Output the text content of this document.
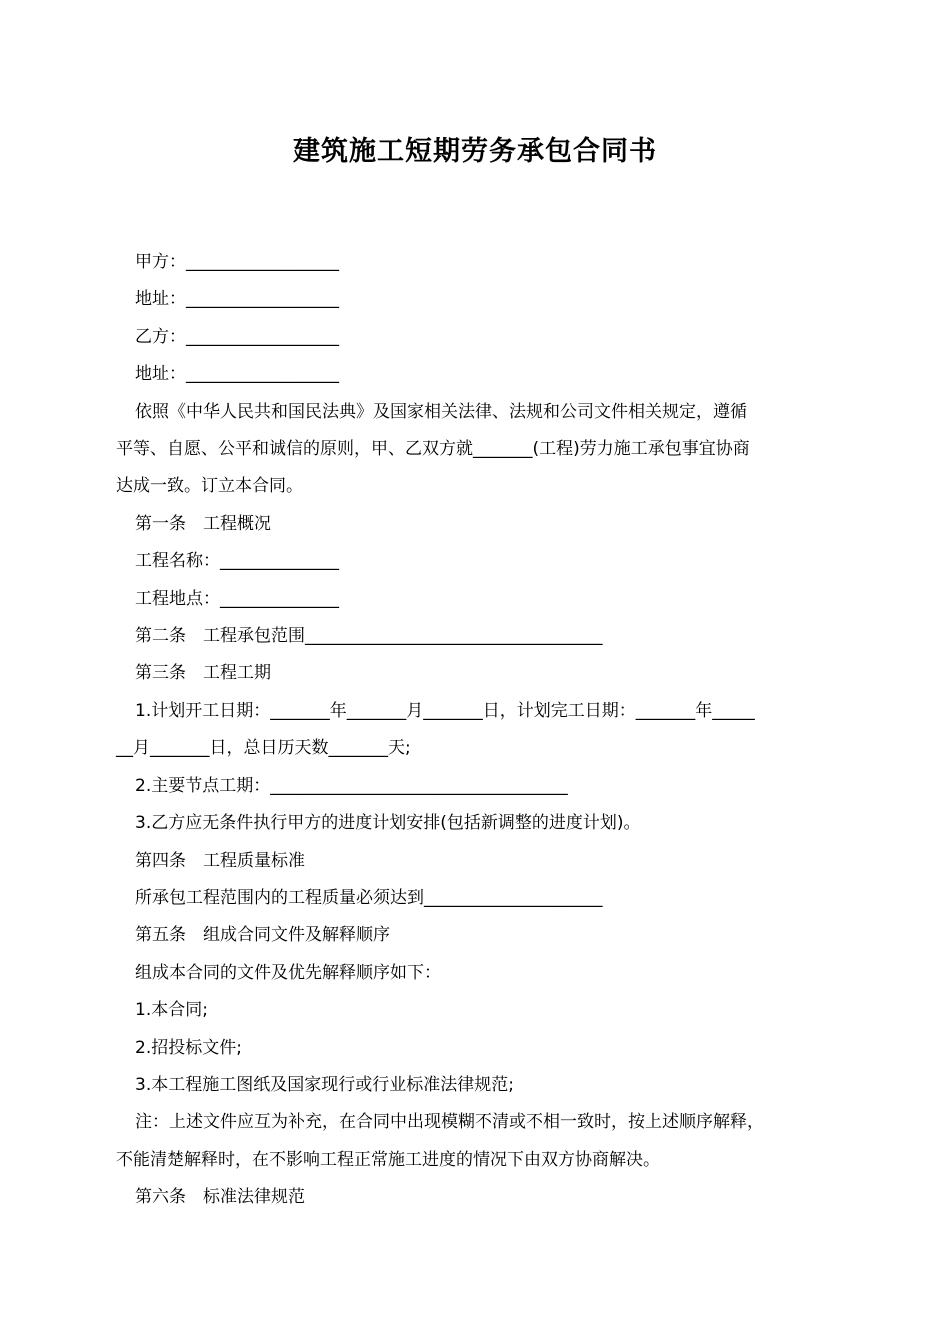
建筑施工短期劳务承包合同书
甲方：__________________
地址：__________________
乙方：__________________
地址：__________________
依照《中华人民共和国民法典》及国家相关法律、法规和公司文件相关规定，遵循
平等、自愿、公平和诚信的原则，甲、乙双方就_______(工程)劳力施工承包事宜协商
达成一致。订立本合同。
第一条　工程概况
工程名称：______________
工程地点：______________
第二条　工程承包范围___________________________________
第三条　工程工期
1.计划开工日期：_______年_______月_______日，计划完工日期：_______年_____
__月_______日，总日历天数_______天;
2.主要节点工期：___________________________________
3.乙方应无条件执行甲方的进度计划安排(包括新调整的进度计划)。
第四条　工程质量标准
所承包工程范围内的工程质量必须达到_____________________
第五条　组成合同文件及解释顺序
组成本合同的文件及优先解释顺序如下：
1.本合同;
2.招投标文件;
3.本工程施工图纸及国家现行或行业标准法律规范;
注：上述文件应互为补充，在合同中出现模糊不清或不相一致时，按上述顺序解释，
不能清楚解释时，在不影响工程正常施工进度的情况下由双方协商解决。
第六条　标准法律规范
